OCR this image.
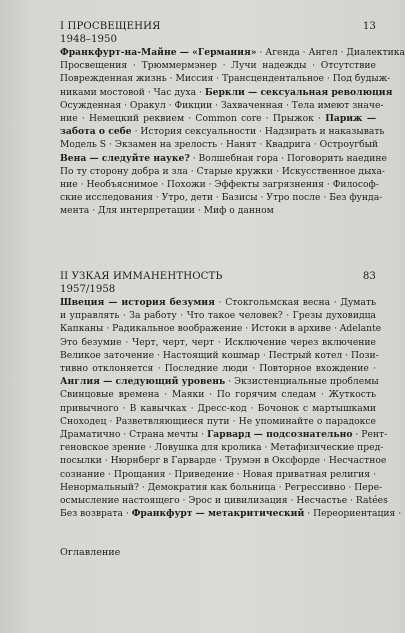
I ПРОСВЕЩЕНИЯ	13
1948–1950
Франкфурт-на-Майне — «Германия» · Агенда · Ангел · Диалектика
Просвещения · Трюммермэнер · Лучи надежды · Отсутствие
Поврежденная жизнь · Миссия · Трансцендентальное · Под будыж-
никами мостовой · Час духа · Беркли — сексуальная революция
Осужденная · Оракул · Фикции · Захваченная · Тела имеют значе-
ние · Немецкий реквием · Common core · Прыжок · Париж —
забота о себе · История сексуальности · Надзирать и наказывать
Модель S · Экзамен на зрелость · Нанят · Квадрига · Остроугбый
Вена — следуйте науке? · Волшебная гора · Поговорить наедине
По ту сторону добра и зла · Старые кружки · Искусственное дыха-
ние · Необъяснимое · Похожи · Эффекты загрязнения · Философ-
ские исследования · Утро, дети · Базисы · Утро после · Без фунда-
мента · Для интерпретации · Миф о данном
II УЗКАЯ ИММАНЕНТНОСТЬ	83
1957/1958
Швеция — история безумия · Стокгольмская весна · Думать
и управлять · За работу · Что такое человек? · Грезы духовидца
Капканы · Радикальное воображение · Истоки в архиве · Adelante
Это безумие · Черт, черт, черт · Исключение через включение
Великое заточение · Настоящий кошмар · Пестрый котел · Пози-
тивно отклоняется · Последние люди · Повторное вхождение ·
Англия — следующий уровень · Экзистенциальные проблемы
Свинцовые времена · Маяки · По горячим следам · Жуткость
привычного · В кавычках · Дресс-код · Бочонок с мартышками
Сноходец · Разветвляющиеся пути · Не упоминайте о парадоксе
Драматично · Страна мечты · Гарвард — подсознательно · Рент-
геновское зрение · Ловушка для кролика · Метафизические пред-
посылки · Нюрнберг в Гарварде · Трумэн в Оксфорде · Несчастное
сознание · Прощания · Приведение · Новая приватная религия ·
Ненормальный? · Демократия как больница · Регрессивно · Пере-
осмысление настоящего · Эрос и цивилизация · Несчастье · Ratées
Без возврата · Франкфурт — метакритический · Переориентация ·
Оглавление
